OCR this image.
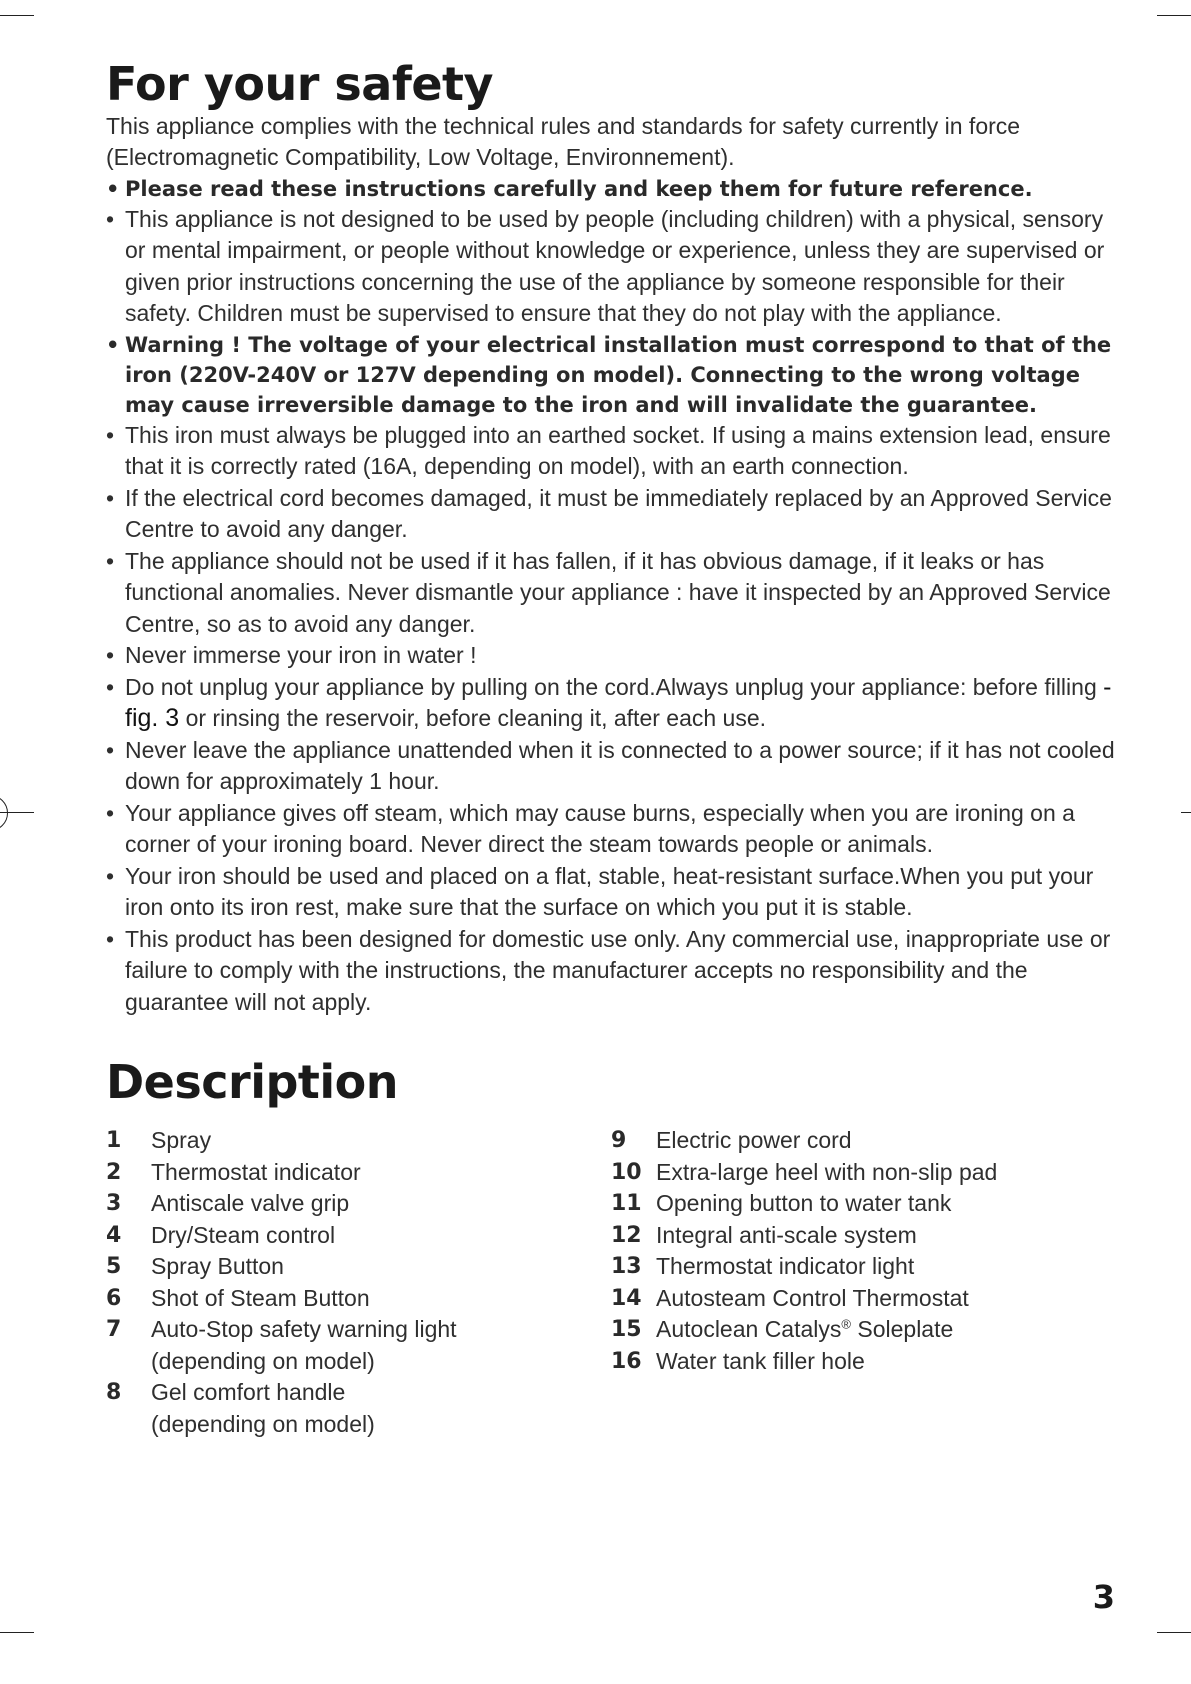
For your safety

This appliance complies with the technical rules and standards for safety currently in force (Electromagnetic Compatibility, Low Voltage, Environnement).

• Please read these instructions carefully and keep them for future reference.
• This appliance is not designed to be used by people (including children) with a physical, sensory or mental impairment, or people without knowledge or experience, unless they are supervised or given prior instructions concerning the use of the appliance by someone responsible for their safety. Children must be supervised to ensure that they do not play with the appliance.
• Warning ! The voltage of your electrical installation must correspond to that of the iron (220V-240V or 127V depending on model). Connecting to the wrong voltage may cause irreversible damage to the iron and will invalidate the guarantee.
• This iron must always be plugged into an earthed socket. If using a mains extension lead, ensure that it is correctly rated (16A, depending on model), with an earth connection.
• If the electrical cord becomes damaged, it must be immediately replaced by an Approved Service Centre to avoid any danger.
• The appliance should not be used if it has fallen, if it has obvious damage, if it leaks or has functional anomalies. Never dismantle your appliance : have it inspected by an Approved Service Centre, so as to avoid any danger.
• Never immerse your iron in water !
• Do not unplug your appliance by pulling on the cord.Always unplug your appliance: before filling - fig. 3 or rinsing the reservoir, before cleaning it, after each use.
• Never leave the appliance unattended when it is connected to a power source; if it has not cooled down for approximately 1 hour.
• Your appliance gives off steam, which may cause burns, especially when you are ironing on a corner of your ironing board. Never direct the steam towards people or animals.
• Your iron should be used and placed on a flat, stable, heat-resistant surface.When you put your iron onto its iron rest, make sure that the surface on which you put it is stable.
• This product has been designed for domestic use only. Any commercial use, inappropriate use or failure to comply with the instructions, the manufacturer accepts no responsibility and the guarantee will not apply.
Description
1	Spray
2	Thermostat indicator
3	Antiscale valve grip
4	Dry/Steam control
5	Spray Button
6	Shot of Steam Button
7	Auto-Stop safety warning light
(depending on model)
8	Gel comfort handle
(depending on model)
9	Electric power cord
10 Extra-large heel with non-slip pad
11 Opening button to water tank
12 Integral anti-scale system
13 Thermostat indicator light
14 Autosteam Control Thermostat
15 Autoclean Catalys® Soleplate
16 Water tank filler hole
3
